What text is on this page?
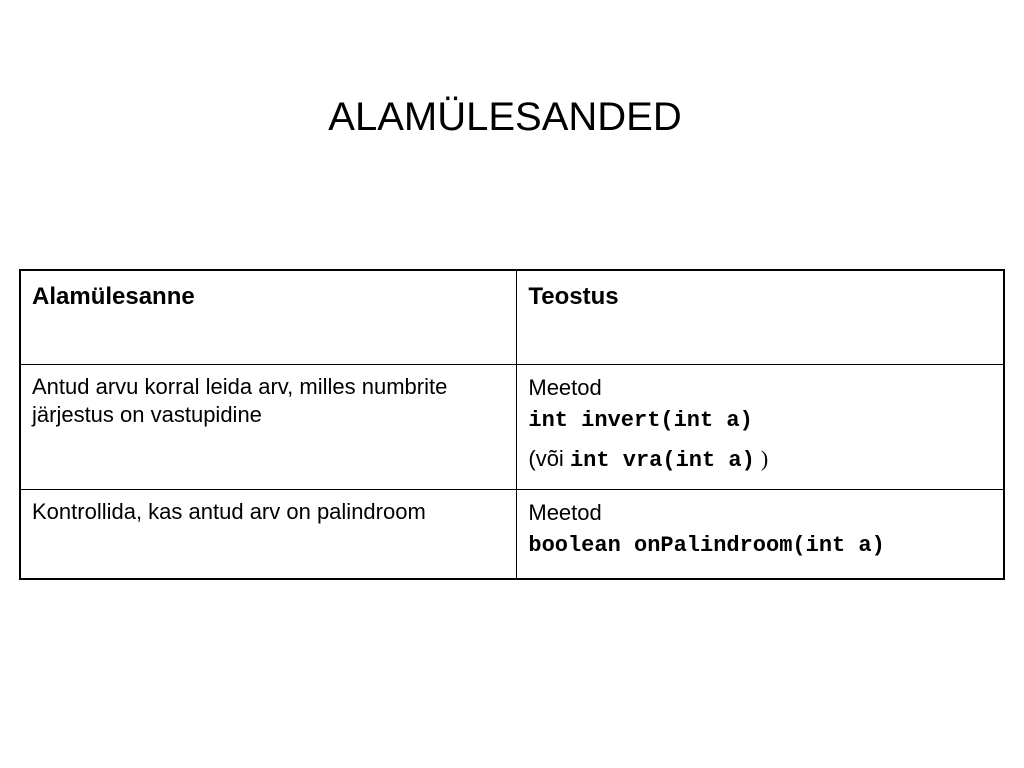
ALAMÜLESANDED
Alamülesanne	Teostus

Antud arvu korral leida arv, milles numbrite järjestus on vastupidine	Meetod
int invert(int a)
(või int vra(int a) )

Kontrollida, kas antud arv on palindroom	Meetod
boolean onPalindroom(int a)
